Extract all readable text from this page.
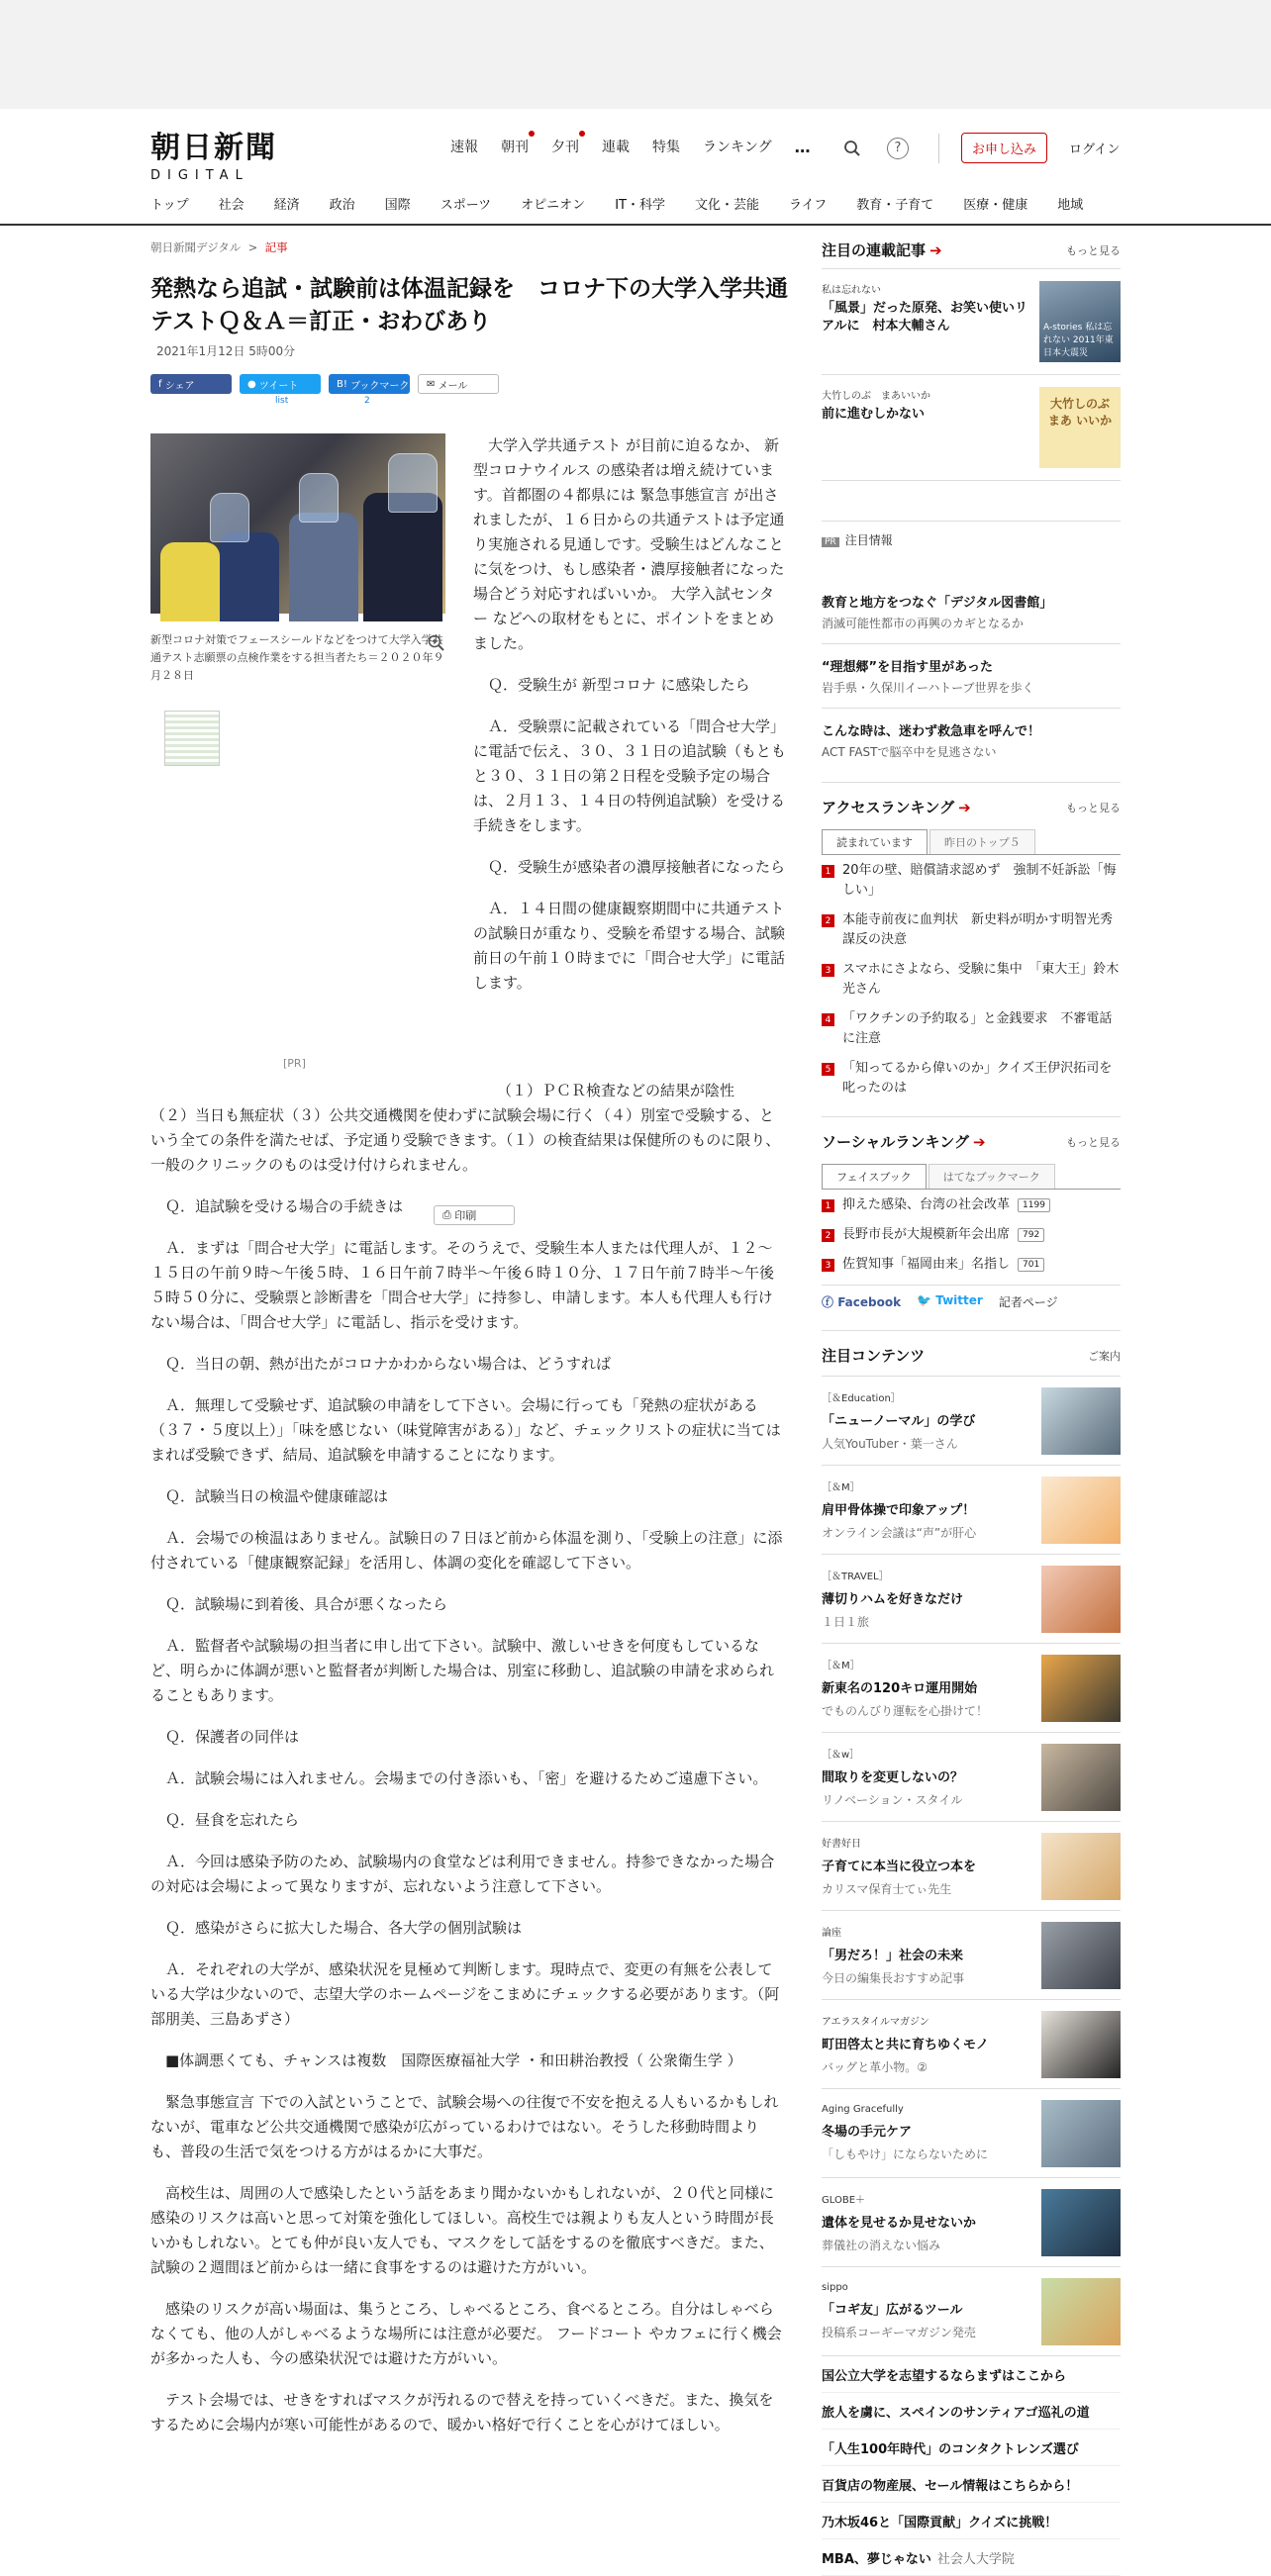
朝日新聞
DIGITAL
速報 朝刊 夕刊 連載 特集 ランキング …	?	お申し込み	ログイン
トップ 社会 経済 政治 国際 スポーツ オピニオン IT・科学 文化・芸能 ライフ 教育・子育て 医療・健康 地域
朝日新聞デジタル > 記事
発熱なら追試・試験前は体温記録を　コロナ下の大学入学共通テストＱ＆Ａ＝訂正・おわびあり
2021年1月12日 5時00分
f シェア	● ツイート
list
B! ブックマーク
2
✉ メール
⎙ 印刷
新型コロナ対策でフェースシールドなどをつけて大学入学共通テスト志願票の点検作業をする担当者たち＝２０２０年９月２８日
[PR]

大学入学共通テスト が目前に迫るなか、 新型コロナウイルス の感染者は増え続けています。首都圏の４都県には 緊急事態宣言 が出されましたが、１６日からの共通テストは予定通り実施される見通しです。受験生はどんなことに気をつけ、もし感染者・濃厚接触者になった場合どう対応すればいいか。 大学入試センター などへの取材をもとに、ポイントをまとめました。

Ｑ．受験生が 新型コロナ に感染したら

Ａ．受験票に記載されている「問合せ大学」に電話で伝え、３０、３１日の追試験（もともと３０、３１日の第２日程を受験予定の場合は、２月１３、１４日の特例追試験）を受ける手続きをします。

Ｑ．受験生が感染者の濃厚接触者になったら

Ａ．１４日間の健康観察期間中に共通テストの試験日が重なり、受験を希望する場合、試験前日の午前１０時までに「問合せ大学」に電話します。

（１）ＰＣＲ検査などの結果が陰性

（２）当日も無症状（３）公共交通機関を使わずに試験会場に行く（４）別室で受験する、という全ての条件を満たせば、予定通り受験できます。（１）の検査結果は保健所のものに限り、一般のクリニックのものは受け付けられません。

Ｑ．追試験を受ける場合の手続きは

Ａ．まずは「問合せ大学」に電話します。そのうえで、受験生本人または代理人が、１２～１５日の午前９時～午後５時、１６日午前７時半～午後６時１０分、１７日午前７時半～午後５時５０分に、受験票と診断書を「問合せ大学」に持参し、申請します。本人も代理人も行けない場合は、「問合せ大学」に電話し、指示を受けます。

Ｑ．当日の朝、熱が出たがコロナかわからない場合は、どうすれば

Ａ．無理して受験せず、追試験の申請をして下さい。会場に行っても「発熱の症状がある（３７・５度以上）」「味を感じない（味覚障害がある）」など、チェックリストの症状に当てはまれば受験できず、結局、追試験を申請することになります。

Ｑ．試験当日の検温や健康確認は

Ａ．会場での検温はありません。試験日の７日ほど前から体温を測り、「受験上の注意」に添付されている「健康観察記録」を活用し、体調の変化を確認して下さい。

Ｑ．試験場に到着後、具合が悪くなったら

Ａ．監督者や試験場の担当者に申し出て下さい。試験中、激しいせきを何度もしているなど、明らかに体調が悪いと監督者が判断した場合は、別室に移動し、追試験の申請を求められることもあります。

Ｑ．保護者の同伴は

Ａ．試験会場には入れません。会場までの付き添いも、「密」を避けるためご遠慮下さい。

Ｑ．昼食を忘れたら

Ａ．今回は感染予防のため、試験場内の食堂などは利用できません。持参できなかった場合の対応は会場によって異なりますが、忘れないよう注意して下さい。

Ｑ．感染がさらに拡大した場合、各大学の個別試験は

Ａ．それぞれの大学が、感染状況を見極めて判断します。現時点で、変更の有無を公表している大学は少ないので、志望大学のホームページをこまめにチェックする必要があります。（阿部朋美、三島あずさ）

■体調悪くても、チャンスは複数　国際医療福祉大学 ・和田耕治教授（ 公衆衛生学 ）

緊急事態宣言 下での入試ということで、試験会場への往復で不安を抱える人もいるかもしれないが、電車など公共交通機関で感染が広がっているわけではない。そうした移動時間よりも、普段の生活で気をつける方がはるかに大事だ。

高校生は、周囲の人で感染したという話をあまり聞かないかもしれないが、２０代と同様に感染のリスクは高いと思って対策を強化してほしい。高校生では親よりも友人という時間が長いかもしれない。とても仲が良い友人でも、マスクをして話をするのを徹底すべきだ。また、試験の２週間ほど前からは一緒に食事をするのは避けた方がいい。

感染のリスクが高い場面は、集うところ、しゃべるところ、食べるところ。自分はしゃべらなくても、他の人がしゃべるような場所には注意が必要だ。 フードコート やカフェに行く機会が多かった人も、今の感染状況では避けた方がいい。

テスト会場では、せきをすればマスクが汚れるので替えを持っていくべきだ。また、換気をするために会場内が寒い可能性があるので、暖かい格好で行くことを心がけてほしい。

注目の連載記事 ➔	もっと見る
私は忘れない
「風景」だった原発、お笑い使いリアルに　村本大輔さん	A-stories 私は忘れない 2011年東日本大震災
大竹しのぶ　まあいいか
前に進むしかない
大竹しのぶ まあ いいか
PR 注目情報
教育と地方をつなぐ「デジタル図書館」
消滅可能性都市の再興のカギとなるか
“理想郷”を目指す里があった
岩手県・久保川イーハトーブ世界を歩く
こんな時は、迷わず救急車を呼んで！
ACT FASTで脳卒中を見逃さない
アクセスランキング ➔	もっと見る
読まれています	昨日のトップ５
1 20年の壁、賠償請求認めず　強制不妊訴訟「悔しい」
2 本能寺前夜に血判状　新史料が明かす明智光秀謀反の決意
3 スマホにさよなら、受験に集中　「東大王」鈴木光さん
4 「ワクチンの予約取る」と金銭要求　不審電話に注意
5 「知ってるから偉いのか」クイズ王伊沢拓司を叱ったのは
ソーシャルランキング ➔	もっと見る
フェイスブック	はてなブックマーク
1 抑えた感染、台湾の社会改革	1199
2 長野市長が大規模新年会出席	792
3 佐賀知事「福岡由来」名指し	701
ⓕ Facebook 🐦 Twitter 記者ページ
注目コンテンツ	ご案内
［＆Education］
「ニューノーマル」の学び
人気YouTuber・葉一さん
［＆M］
肩甲骨体操で印象アップ！
オンライン会議は“声”が肝心
［＆TRAVEL］
薄切りハムを好きなだけ
１日１旅
［＆M］
新東名の120キロ運用開始
でものんびり運転を心掛けて！
［＆w］
間取りを変更しないの？
リノベーション・スタイル
好書好日
子育てに本当に役立つ本を
カリスマ保育士てぃ先生
論座
「男だろ！」社会の未来
今日の編集長おすすめ記事
アエラスタイルマガジン
町田啓太と共に育ちゆくモノ
バッグと革小物。②
Aging Gracefully
冬場の手元ケア
「しもやけ」にならないために
GLOBE＋
遺体を見せるか見せないか
葬儀社の消えない悩み
sippo
「コギ友」広がるツール
投稿系コーギーマガジン発売
国公立大学を志望するならまずはここから
旅人を虜に、スペインのサンティアゴ巡礼の道
「人生100年時代」のコンタクトレンズ選び
百貨店の物産展、セール情報はこちらから！
乃木坂46と「国際貢献」クイズに挑戦！
MBA、夢じゃない 社会人大学院
